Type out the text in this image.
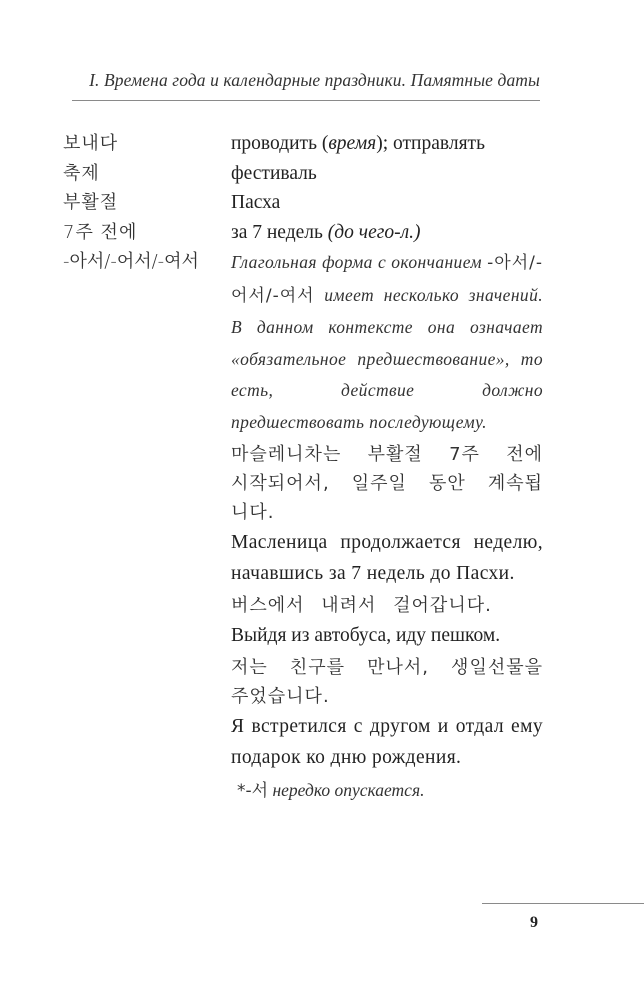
I. Времена года и календарные праздники. Памятные даты
보내다	проводить (время); отправлять
축제	фестиваль
부활절	Пасха
7주 전에	за 7 недель (до чего-л.)
-아서/-어서/-여서	Глагольная форма с окончанием -아서/-어서/-여서 имеет несколько значений. В данном контексте она означает «обязательное предшествование», то есть, действие должно предшествовать последующему.
마슬레니차는 부활절 7주 전에 시작되어서, 일주일 동안 계속됩니다.
Масленица продолжается неделю, начавшись за 7 недель до Пасхи.
버스에서 내려서 걸어갑니다.
Выйдя из автобуса, иду пешком.
저는 친구를 만나서, 생일선물을 주었습니다.
Я встретился с другом и отдал ему подарок ко дню рождения.
*-서 нередко опускается.
9
